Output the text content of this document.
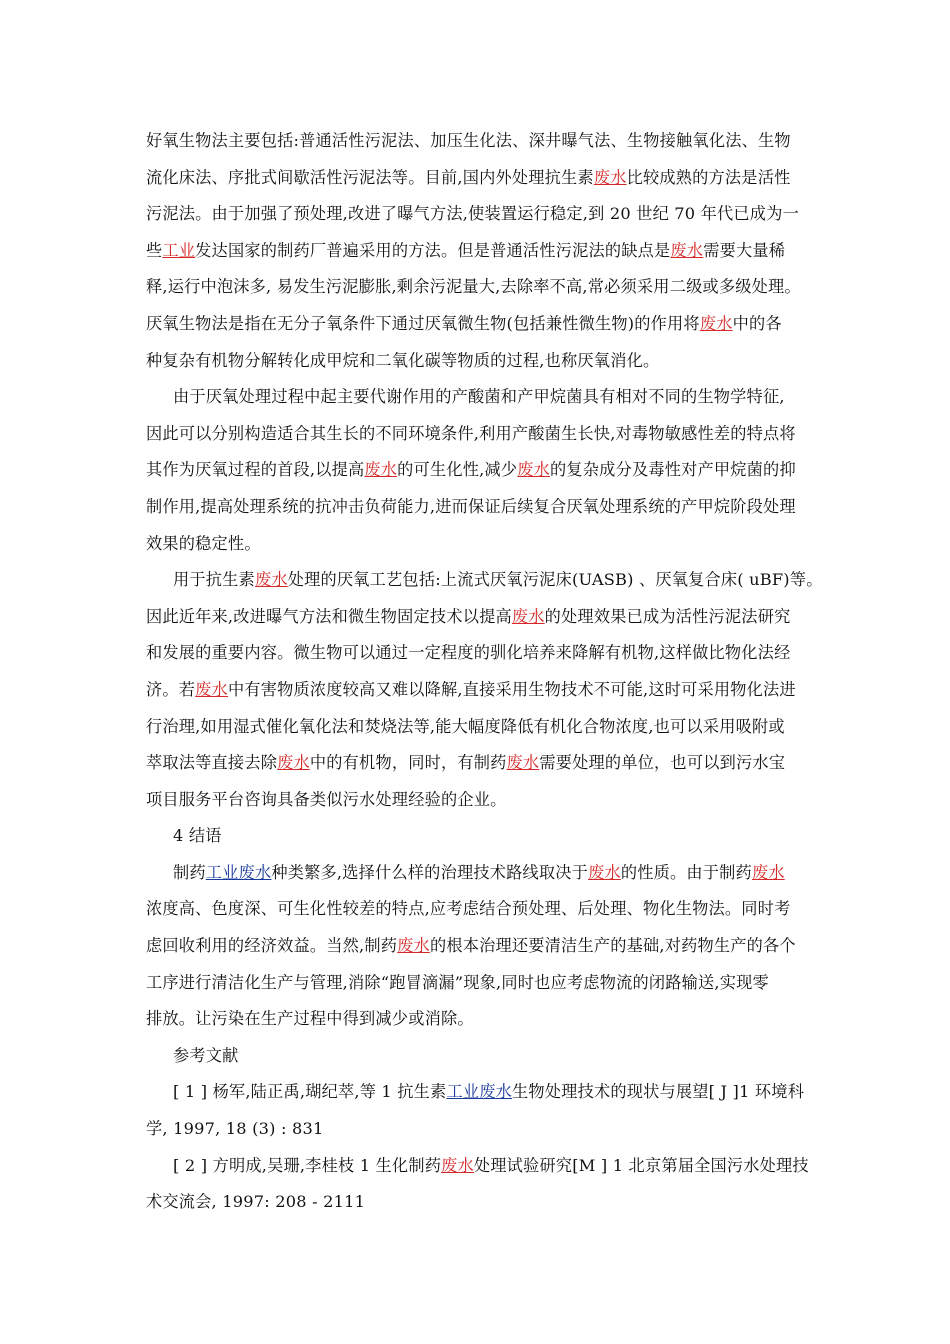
好氧生物法主要包括:普通活性污泥法、加压生化法、深井曝气法、生物接触氧化法、生物
流化床法、序批式间歇活性污泥法等。目前,国内外处理抗生素废水比较成熟的方法是活性
污泥法。由于加强了预处理,改进了曝气方法,使装置运行稳定,到 20 世纪 70 年代已成为一
些工业发达国家的制药厂普遍采用的方法。但是普通活性污泥法的缺点是废水需要大量稀
释,运行中泡沫多, 易发生污泥膨胀,剩余污泥量大,去除率不高,常必须采用二级或多级处理。
厌氧生物法是指在无分子氧条件下通过厌氧微生物(包括兼性微生物)的作用将废水中的各
种复杂有机物分解转化成甲烷和二氧化碳等物质的过程,也称厌氧消化。
由于厌氧处理过程中起主要代谢作用的产酸菌和产甲烷菌具有相对不同的生物学特征,
因此可以分别构造适合其生长的不同环境条件,利用产酸菌生长快,对毒物敏感性差的特点将
其作为厌氧过程的首段,以提高废水的可生化性,减少废水的复杂成分及毒性对产甲烷菌的抑
制作用,提高处理系统的抗冲击负荷能力,进而保证后续复合厌氧处理系统的产甲烷阶段处理
效果的稳定性。
用于抗生素废水处理的厌氧工艺包括:上流式厌氧污泥床(UASB) 、厌氧复合床( uBF)等。
因此近年来,改进曝气方法和微生物固定技术以提高废水的处理效果已成为活性污泥法研究
和发展的重要内容。微生物可以通过一定程度的驯化培养来降解有机物,这样做比物化法经
济。若废水中有害物质浓度较高又难以降解,直接采用生物技术不可能,这时可采用物化法进
行治理,如用湿式催化氧化法和焚烧法等,能大幅度降低有机化合物浓度,也可以采用吸附或
萃取法等直接去除废水中的有机物，同时，有制药废水需要处理的单位，也可以到污水宝
项目服务平台咨询具备类似污水处理经验的企业。
4 结语
制药工业废水种类繁多,选择什么样的治理技术路线取决于废水的性质。由于制药废水
浓度高、色度深、可生化性较差的特点,应考虑结合预处理、后处理、物化生物法。同时考
虑回收利用的经济效益。当然,制药废水的根本治理还要清洁生产的基础,对药物生产的各个
工序进行清洁化生产与管理,消除“跑冒滴漏”现象,同时也应考虑物流的闭路输送,实现零
排放。让污染在生产过程中得到减少或消除。
参考文献
[ 1 ] 杨军,陆正禹,瑚纪萃,等 1 抗生素工业废水生物处理技术的现状与展望[ J ]1 环境科
学, 1997, 18 (3) : 831
[ 2 ] 方明成,吴珊,李桂枝 1 生化制药废水处理试验研究[M ] 1 北京第届全国污水处理技
术交流会, 1997: 208 - 2111
